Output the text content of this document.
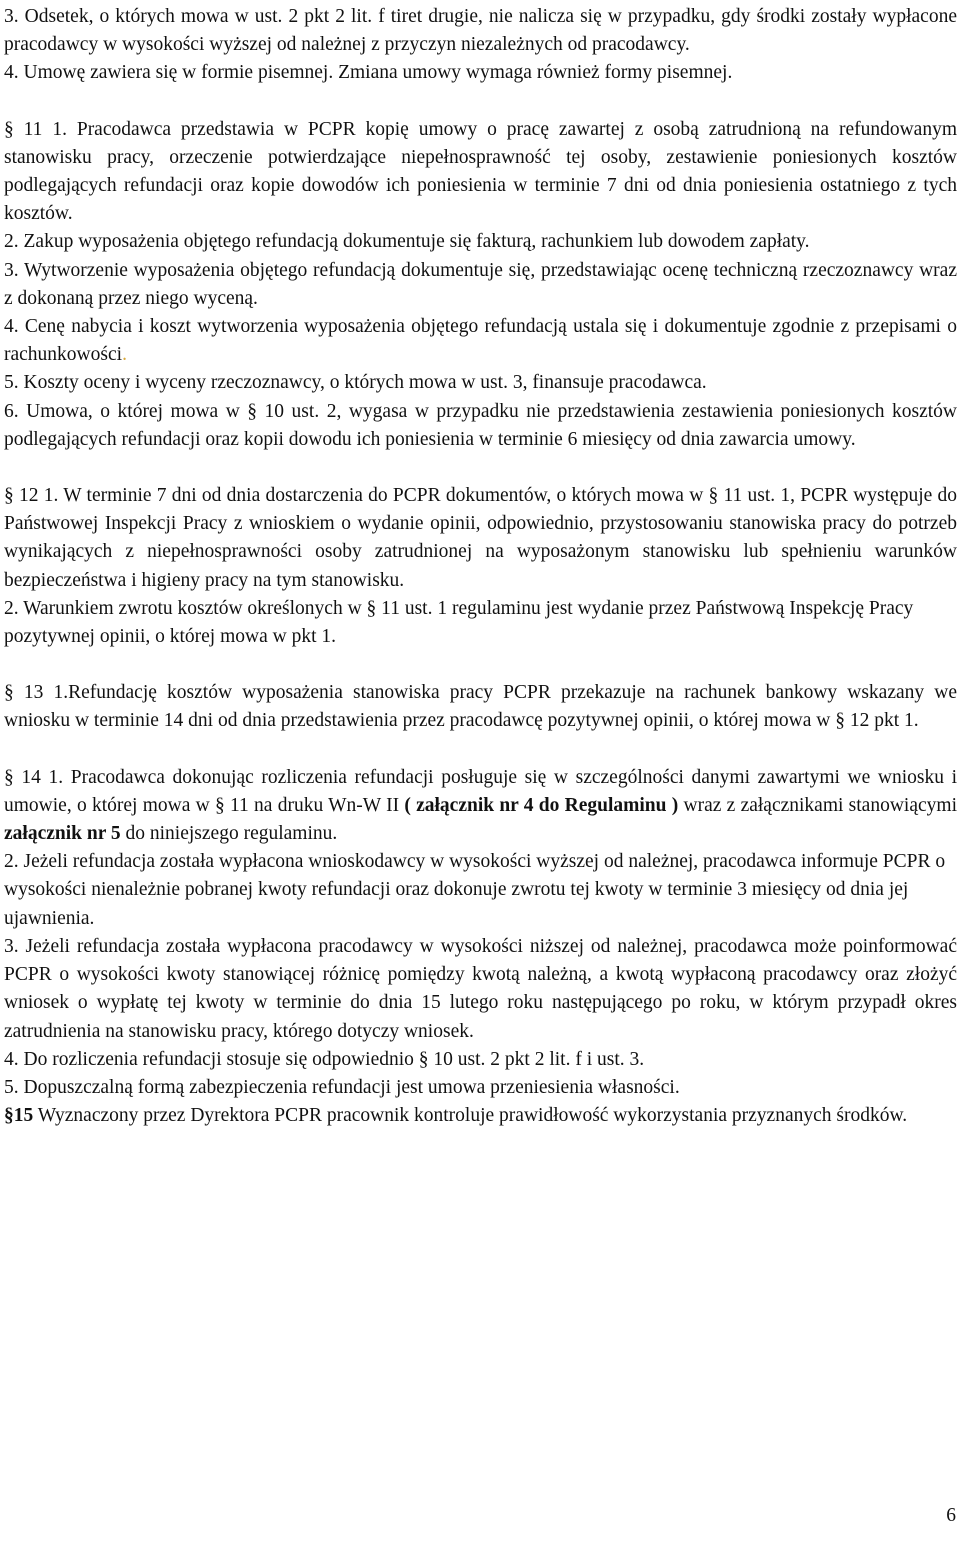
3. Odsetek, o których mowa w ust. 2 pkt 2 lit. f tiret drugie, nie nalicza się w przypadku, gdy środki zostały wypłacone pracodawcy w wysokości wyższej od należnej z przyczyn niezależnych od pracodawcy.

4. Umowę zawiera się w formie pisemnej. Zmiana umowy wymaga również formy pisemnej.

§ 11 1. Pracodawca przedstawia w PCPR kopię umowy o pracę zawartej z osobą zatrudnioną na refundowanym stanowisku pracy, orzeczenie potwierdzające niepełnosprawność tej osoby, zestawienie poniesionych kosztów podlegających refundacji oraz kopie dowodów ich poniesienia w terminie 7 dni od dnia poniesienia ostatniego z tych kosztów.

2. Zakup wyposażenia objętego refundacją dokumentuje się fakturą, rachunkiem lub dowodem zapłaty.

3. Wytworzenie wyposażenia objętego refundacją dokumentuje się, przedstawiając ocenę techniczną rzeczoznawcy wraz z dokonaną przez niego wyceną.

4. Cenę nabycia i koszt wytworzenia wyposażenia objętego refundacją ustala się i dokumentuje zgodnie z przepisami o rachunkowości.

5. Koszty oceny i wyceny rzeczoznawcy, o których mowa w ust. 3, finansuje pracodawca.

6. Umowa, o której mowa w § 10 ust. 2, wygasa w przypadku nie przedstawienia zestawienia poniesionych kosztów podlegających refundacji oraz kopii dowodu ich poniesienia w terminie 6 miesięcy od dnia zawarcia umowy.

§ 12 1. W terminie 7 dni od dnia dostarczenia do PCPR dokumentów, o których mowa w § 11 ust. 1, PCPR występuje do Państwowej Inspekcji Pracy z wnioskiem o wydanie opinii, odpowiednio, przystosowaniu stanowiska pracy do potrzeb wynikających z niepełnosprawności osoby zatrudnionej na wyposażonym stanowisku lub spełnieniu warunków bezpieczeństwa i higieny pracy na tym stanowisku.

2. Warunkiem zwrotu kosztów określonych w § 11 ust. 1 regulaminu jest wydanie przez Państwową Inspekcję Pracy pozytywnej opinii, o której mowa w pkt 1.

§ 13 1.Refundację kosztów wyposażenia stanowiska pracy PCPR przekazuje na rachunek bankowy wskazany we wniosku w terminie 14 dni od dnia przedstawienia przez pracodawcę pozytywnej opinii, o której mowa w § 12 pkt 1.

§ 14 1. Pracodawca dokonując rozliczenia refundacji posługuje się w szczególności danymi zawartymi we wniosku i umowie, o której mowa w § 11 na druku Wn-W II ( załącznik nr 4 do Regulaminu ) wraz z załącznikami stanowiącymi załącznik nr 5 do niniejszego regulaminu.

2. Jeżeli refundacja została wypłacona wnioskodawcy w wysokości wyższej od należnej, pracodawca informuje PCPR o wysokości nienależnie pobranej kwoty refundacji oraz dokonuje zwrotu tej kwoty w terminie 3 miesięcy od dnia jej ujawnienia.

3. Jeżeli refundacja została wypłacona pracodawcy w wysokości niższej od należnej, pracodawca może poinformować PCPR o wysokości kwoty stanowiącej różnicę pomiędzy kwotą należną, a kwotą wypłaconą pracodawcy oraz złożyć wniosek o wypłatę tej kwoty w terminie do dnia 15 lutego roku następującego po roku, w którym przypadł okres zatrudnienia na stanowisku pracy, którego dotyczy wniosek.

4. Do rozliczenia refundacji stosuje się odpowiednio § 10 ust. 2 pkt 2 lit. f i ust. 3.

5. Dopuszczalną formą zabezpieczenia refundacji jest umowa przeniesienia własności.

§15 Wyznaczony przez Dyrektora PCPR pracownik kontroluje prawidłowość wykorzystania przyznanych środków.

6
